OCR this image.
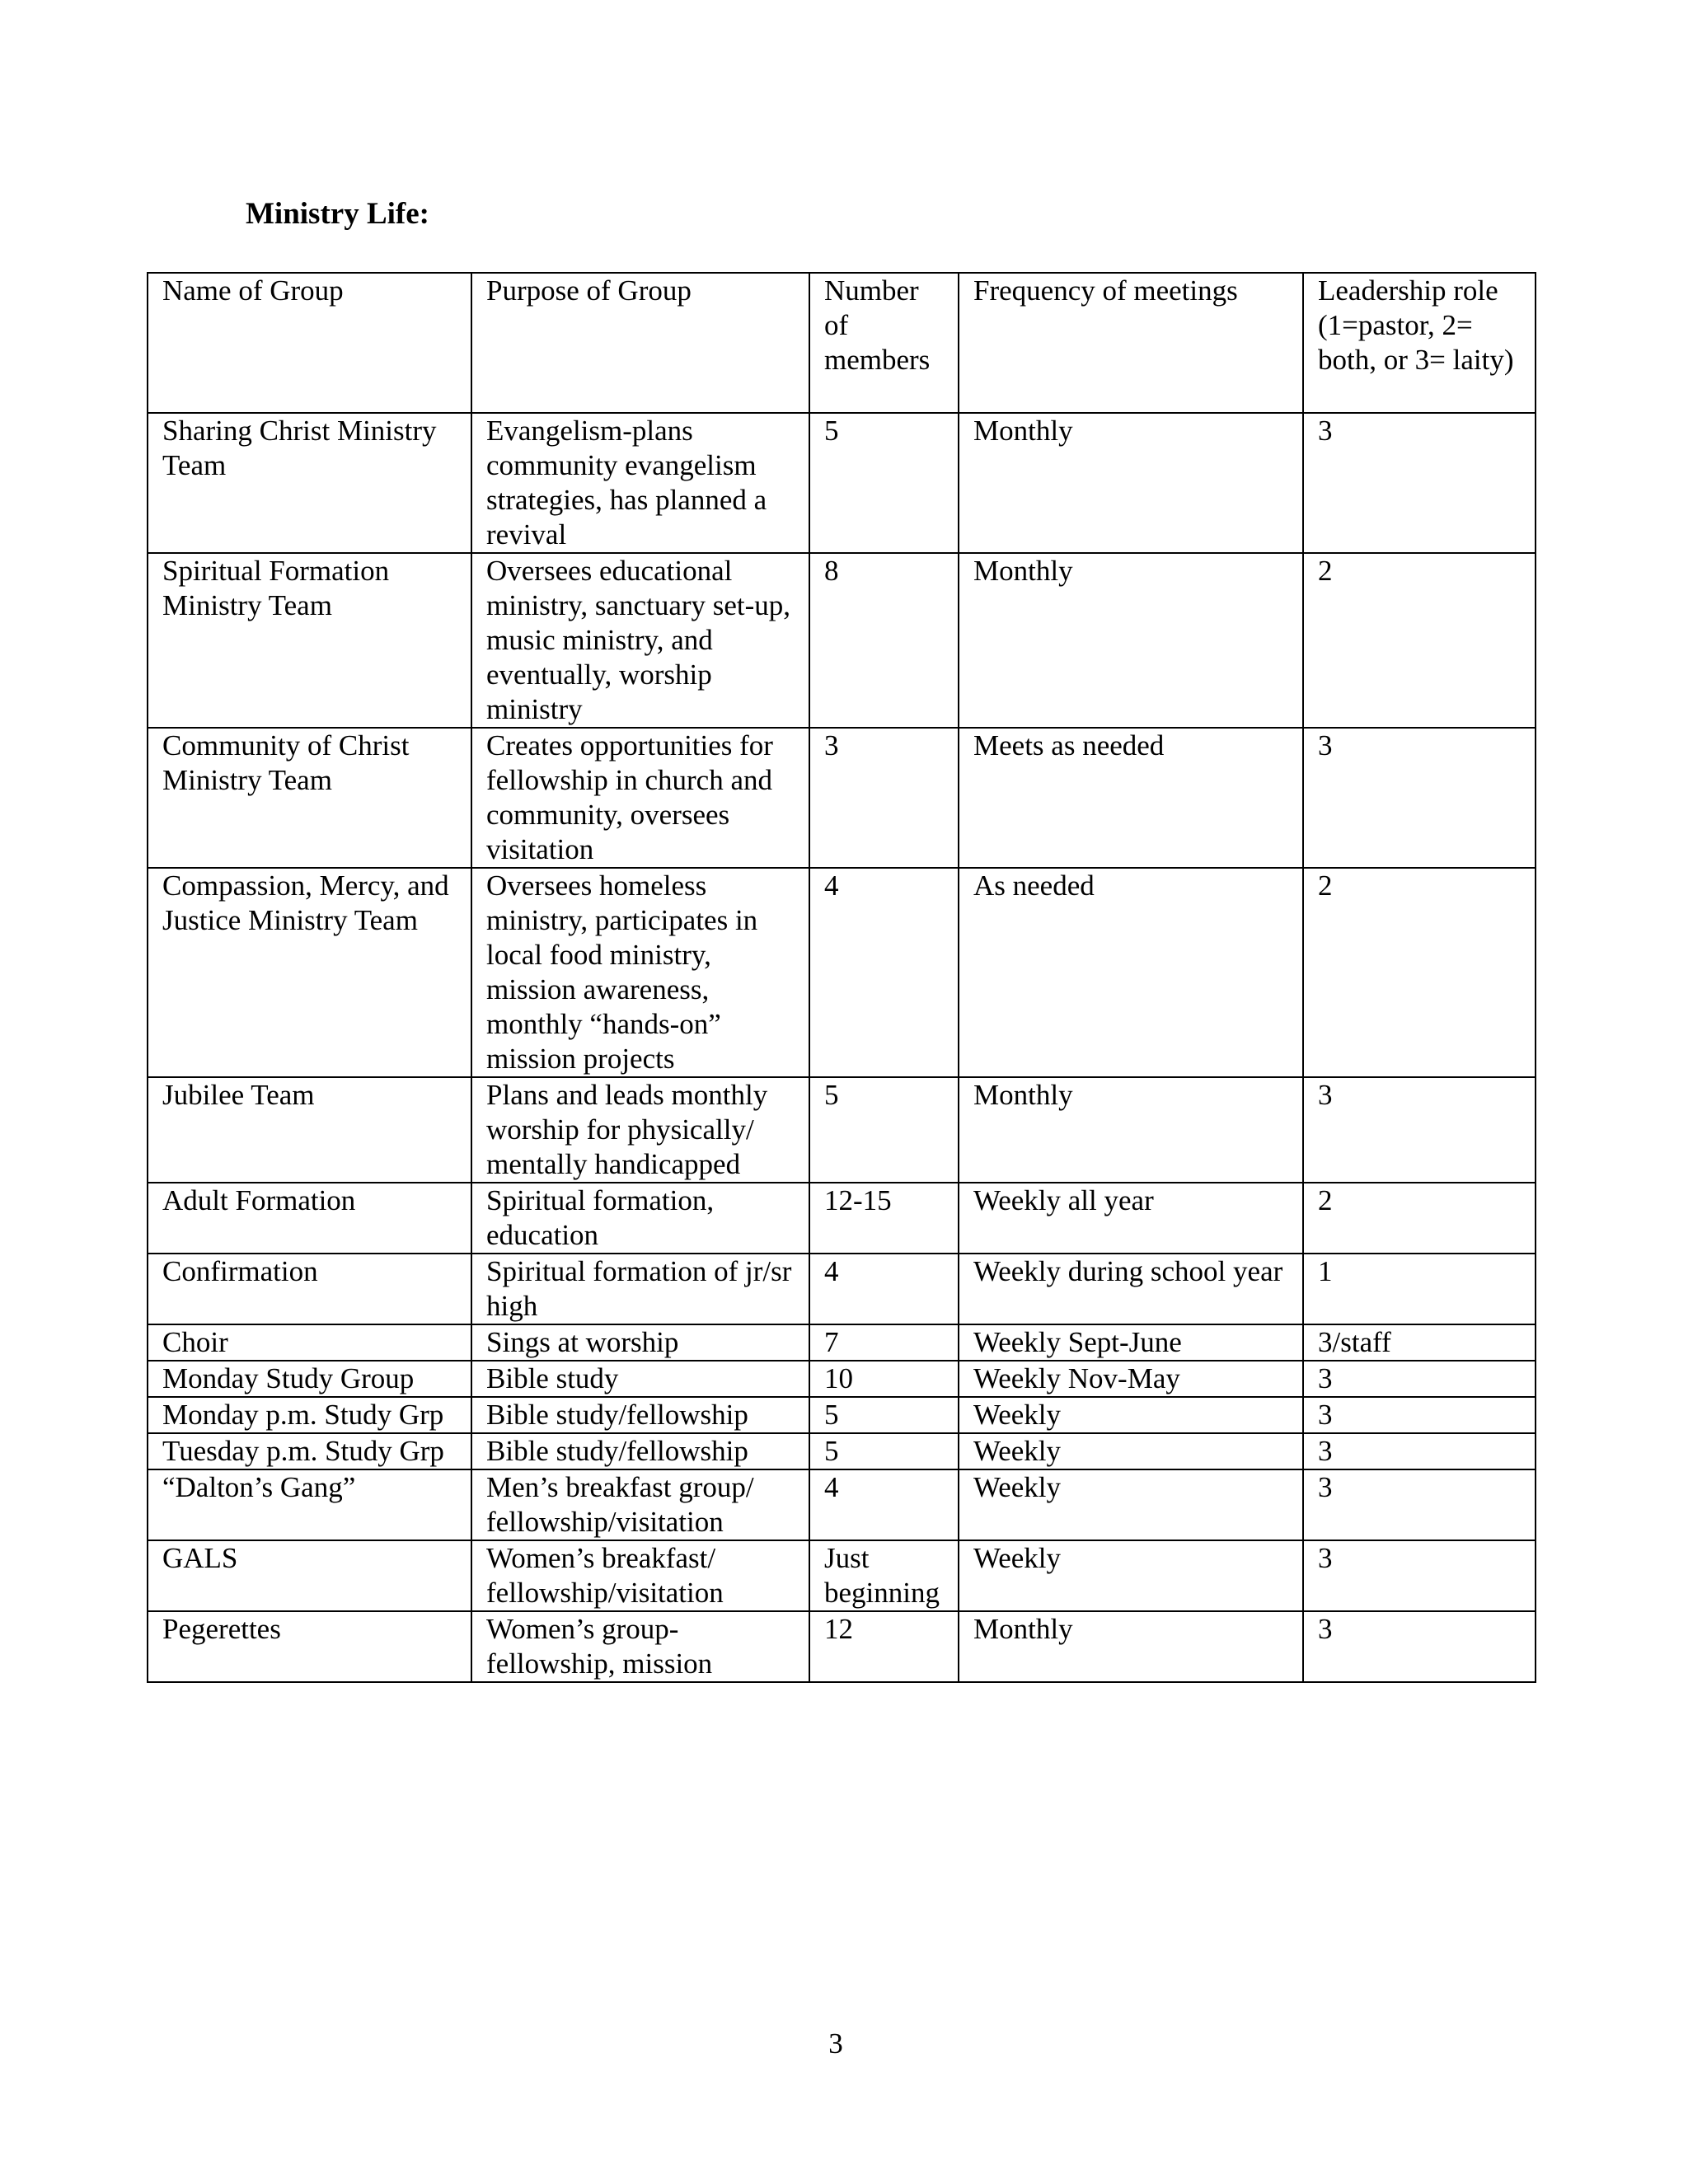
Ministry Life:
Name of Group	Purpose of Group	Number of members	Frequency of meetings	Leadership role (1=pastor, 2= both, or 3= laity)
Sharing Christ Ministry Team	Evangelism-plans community evangelism strategies, has planned a revival	5	Monthly	3
Spiritual Formation Ministry Team	Oversees educational ministry, sanctuary set-up, music ministry, and eventually, worship ministry	8	Monthly	2
Community of Christ Ministry Team	Creates opportunities for fellowship in church and community, oversees visitation	3	Meets as needed	3
Compassion, Mercy, and Justice Ministry Team	Oversees homeless ministry, participates in local food ministry, mission awareness, monthly “hands-on” mission projects	4	As needed	2
Jubilee Team	Plans and leads monthly worship for physically/ mentally handicapped	5	Monthly	3
Adult Formation	Spiritual formation, education	12-15	Weekly all year	2
Confirmation	Spiritual formation of jr/sr high	4	Weekly during school year	1
Choir	Sings at worship	7	Weekly Sept-June	3/staff
Monday Study Group	Bible study	10	Weekly Nov-May	3
Monday p.m. Study Grp	Bible study/fellowship	5	Weekly	3
Tuesday p.m. Study Grp	Bible study/fellowship	5	Weekly	3
“Dalton’s Gang”	Men’s breakfast group/ fellowship/visitation	4	Weekly	3
GALS	Women’s breakfast/ fellowship/visitation	Just beginning	Weekly	3
Pegerettes	Women’s group-fellowship, mission	12	Monthly	3
3
